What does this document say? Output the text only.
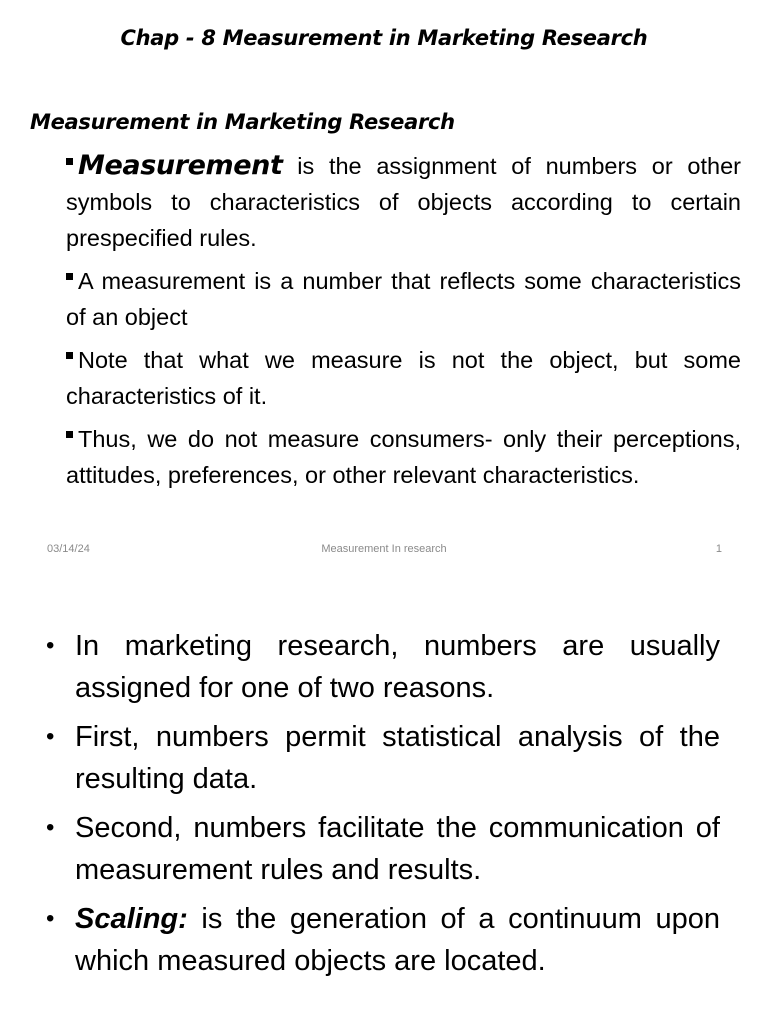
Chap - 8 Measurement in Marketing Research
Measurement in Marketing Research
Measurement is the assignment of numbers or other symbols to characteristics of objects according to certain prespecified rules.
A measurement is a number that reflects some characteristics of an object
Note that what we measure is not the object, but some characteristics of it.
Thus, we do not measure consumers- only their perceptions, attitudes, preferences, or other relevant characteristics.
03/14/24	Measurement In research	1
• In marketing research, numbers are usually assigned for one of two reasons.
• First, numbers permit statistical analysis of the resulting data.
• Second, numbers facilitate the communication of measurement rules and results.
• Scaling: is the generation of a continuum upon which measured objects are located.
